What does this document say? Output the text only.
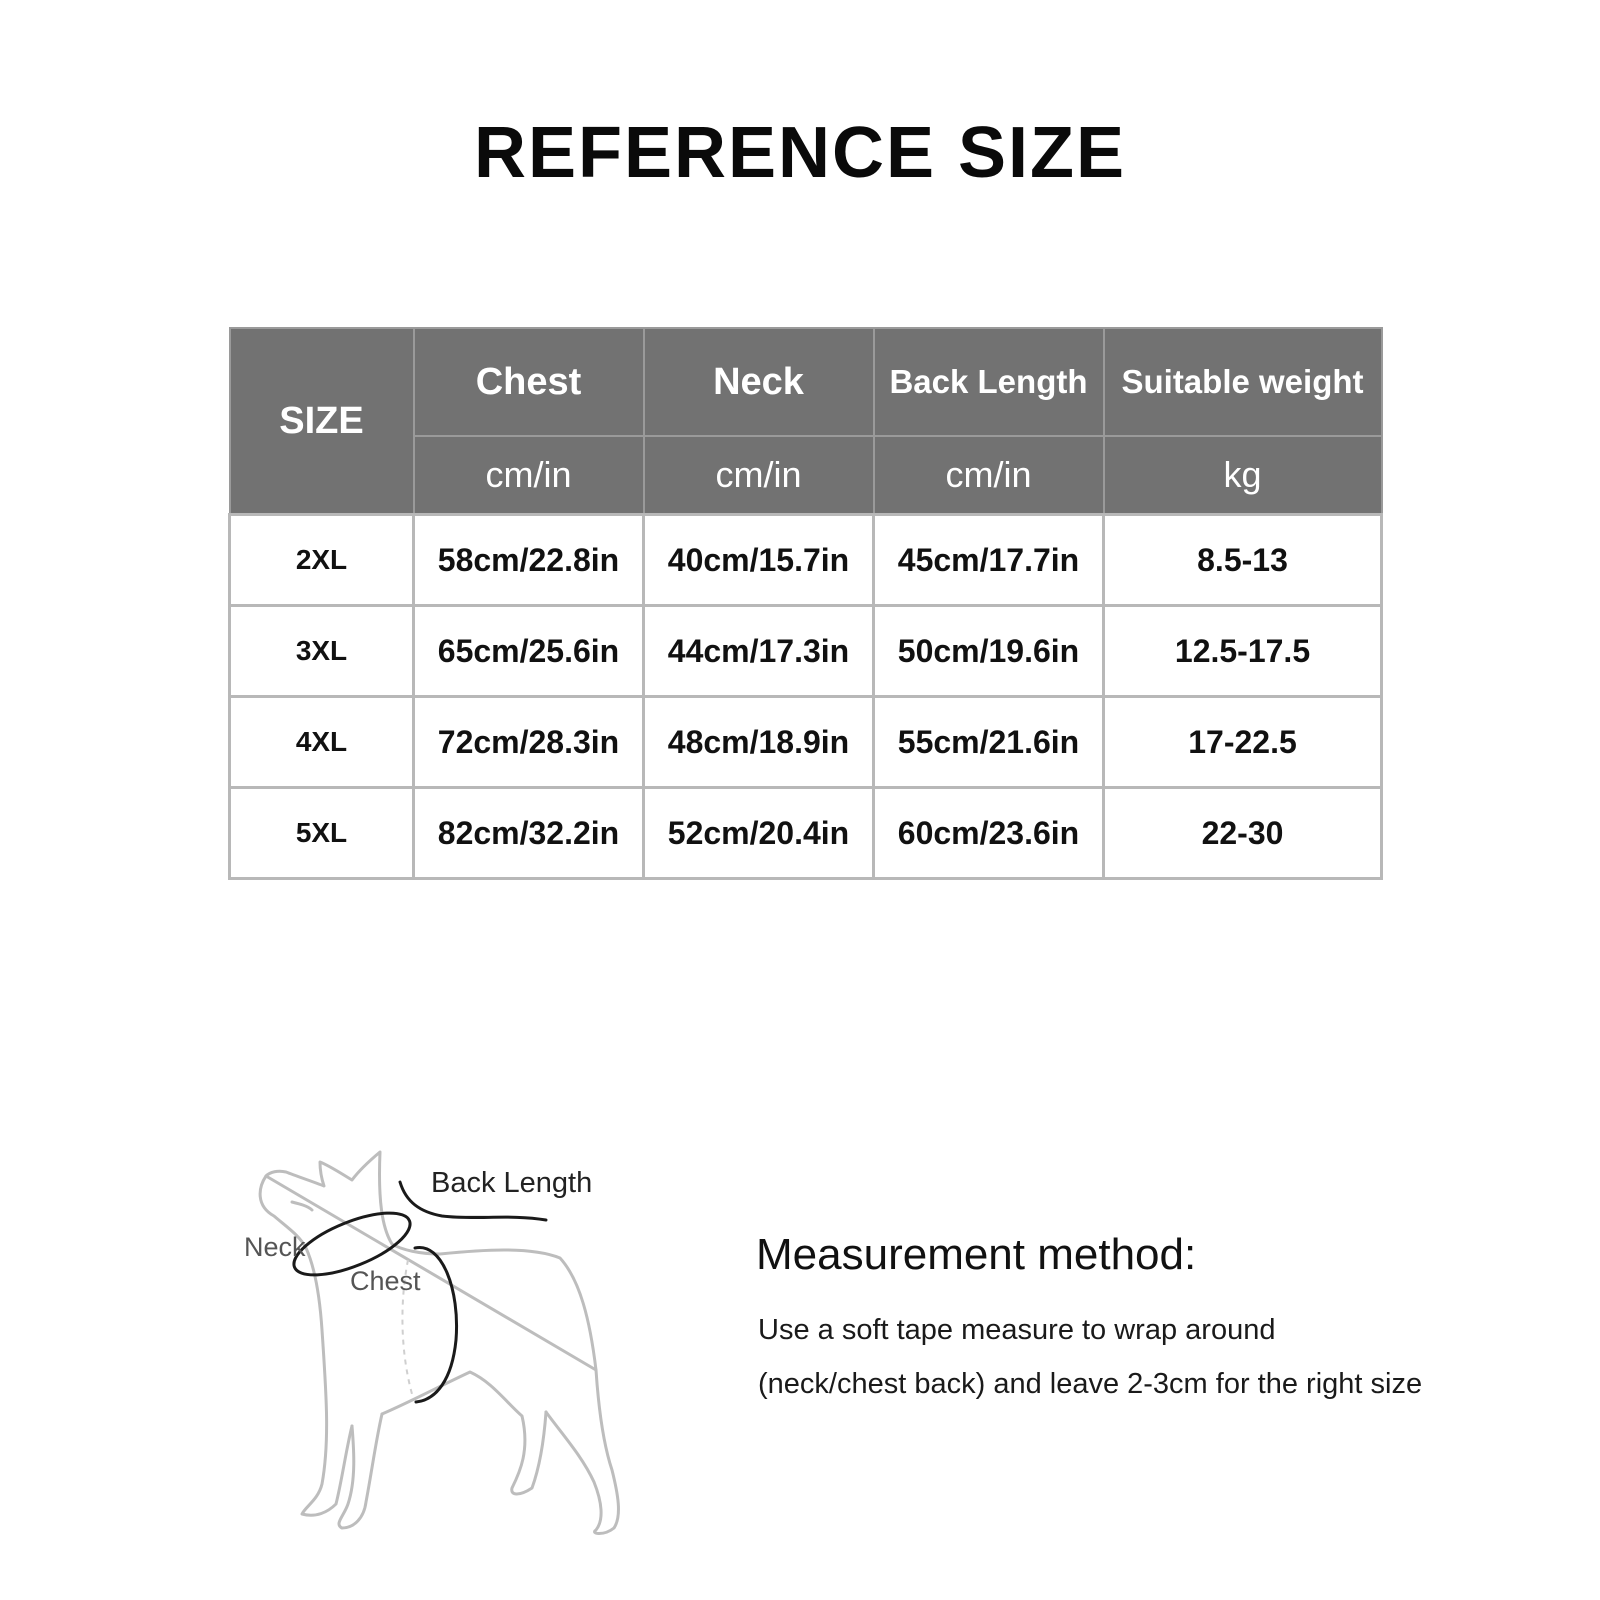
REFERENCE SIZE
SIZE	Chest	Neck	Back Length	Suitable weight
	cm/in	cm/in	cm/in	kg
2XL	58cm/22.8in	40cm/15.7in	45cm/17.7in	8.5-13
3XL	65cm/25.6in	44cm/17.3in	50cm/19.6in	12.5-17.5
4XL	72cm/28.3in	48cm/18.9in	55cm/21.6in	17-22.5
5XL	82cm/32.2in	52cm/20.4in	60cm/23.6in	22-30
Back Length
Neck
Chest
Measurement method:
Use a soft tape measure to wrap around
(neck/chest back) and leave 2-3cm for the right size
